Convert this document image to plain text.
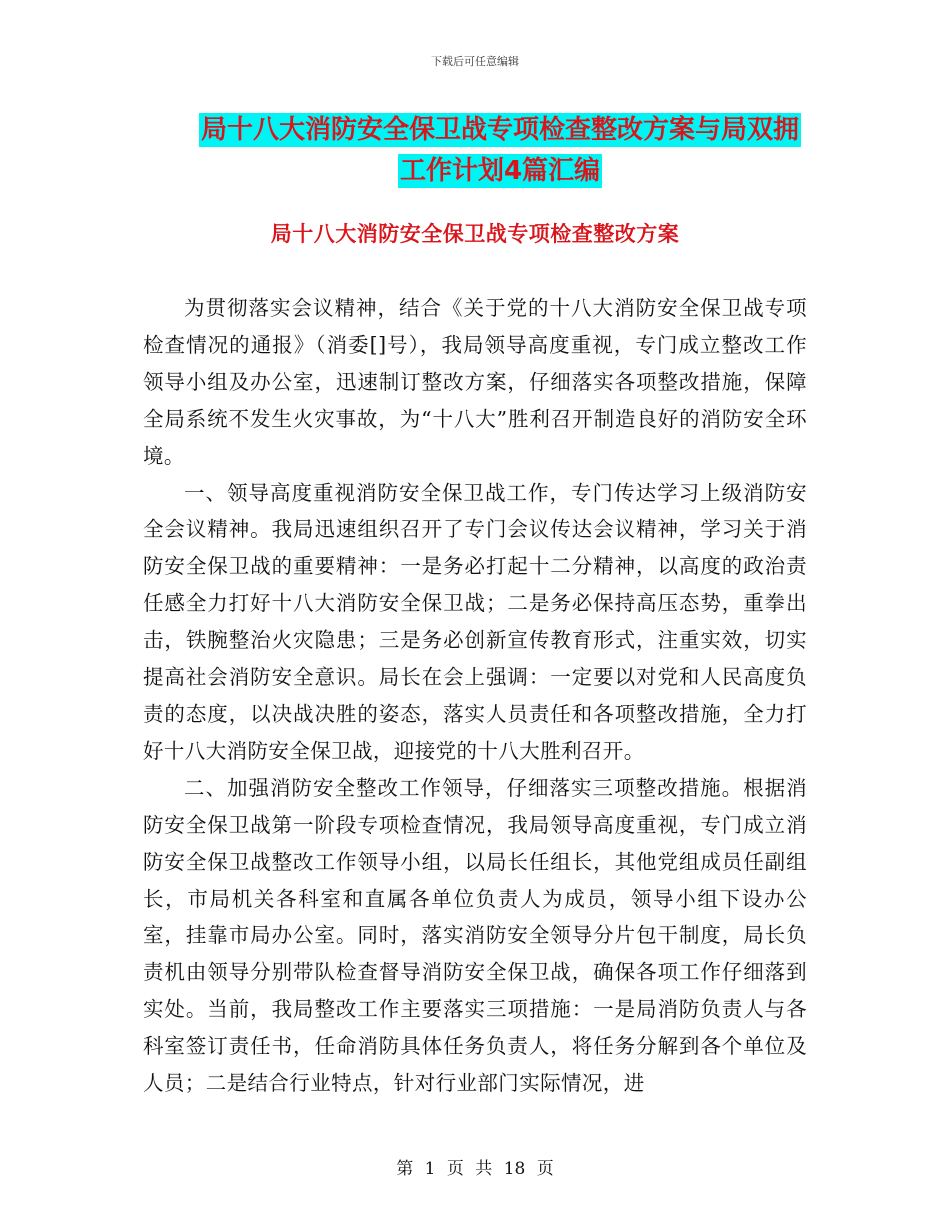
下载后可任意编辑
局十八大消防安全保卫战专项检查整改方案与局双拥
工作计划4篇汇编
局十八大消防安全保卫战专项检查整改方案

为贯彻落实会议精神，结合《关于党的十八大消防安全保卫战专项检查情况的通报》（消委[]号），我局领导高度重视，专门成立整改工作领导小组及办公室，迅速制订整改方案，仔细落实各项整改措施，保障全局系统不发生火灾事故，为“十八大”胜利召开制造良好的消防安全环境。

一、领导高度重视消防安全保卫战工作，专门传达学习上级消防安全会议精神。我局迅速组织召开了专门会议传达会议精神，学习关于消防安全保卫战的重要精神：一是务必打起十二分精神，以高度的政治责任感全力打好十八大消防安全保卫战；二是务必保持高压态势，重拳出击，铁腕整治火灾隐患；三是务必创新宣传教育形式，注重实效，切实提高社会消防安全意识。局长在会上强调：一定要以对党和人民高度负责的态度，以决战决胜的姿态，落实人员责任和各项整改措施，全力打好十八大消防安全保卫战，迎接党的十八大胜利召开。

二、加强消防安全整改工作领导，仔细落实三项整改措施。根据消防安全保卫战第一阶段专项检查情况，我局领导高度重视，专门成立消防安全保卫战整改工作领导小组，以局长任组长，其他党组成员任副组长，市局机关各科室和直属各单位负责人为成员，领导小组下设办公室，挂靠市局办公室。同时，落实消防安全领导分片包干制度，局长负责机由领导分别带队检查督导消防安全保卫战，确保各项工作仔细落到实处。当前，我局整改工作主要落实三项措施：一是局消防负责人与各科室签订责任书，任命消防具体任务负责人，将任务分解到各个单位及人员；二是结合行业特点，针对行业部门实际情况，进

第 1 页 共 18 页
